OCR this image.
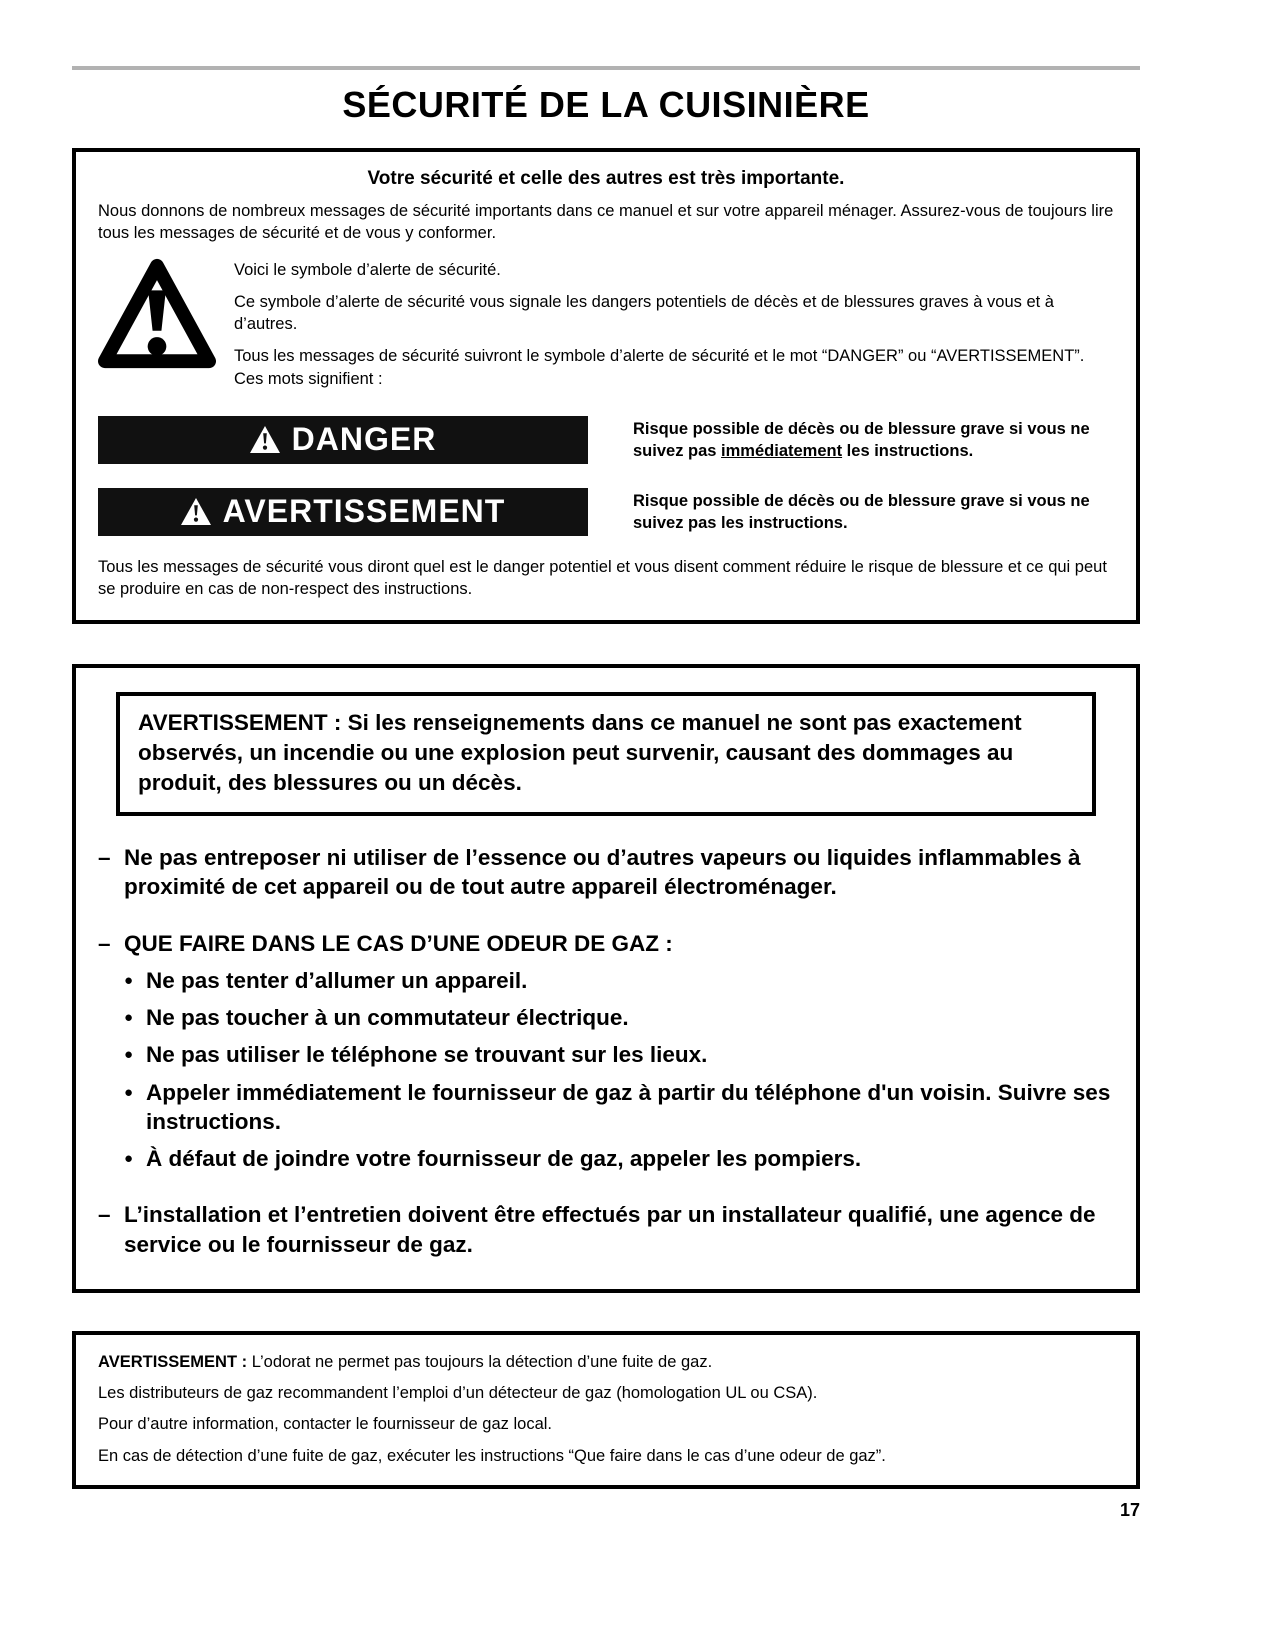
SÉCURITÉ DE LA CUISINIÈRE
Votre sécurité et celle des autres est très importante.

Nous donnons de nombreux messages de sécurité importants dans ce manuel et sur votre appareil ménager. Assurez-vous de toujours lire tous les messages de sécurité et de vous y conformer.

Voici le symbole d’alerte de sécurité.

Ce symbole d’alerte de sécurité vous signale les dangers potentiels de décès et de blessures graves à vous et à d’autres.

Tous les messages de sécurité suivront le symbole d’alerte de sécurité et le mot “DANGER” ou “AVERTISSEMENT”. Ces mots signifient :

DANGER	Risque possible de décès ou de blessure grave si vous ne suivez pas immédiatement les instructions.
AVERTISSEMENT	Risque possible de décès ou de blessure grave si vous ne suivez pas les instructions.

Tous les messages de sécurité vous diront quel est le danger potentiel et vous disent comment réduire le risque de blessure et ce qui peut se produire en cas de non-respect des instructions.

AVERTISSEMENT : Si les renseignements dans ce manuel ne sont pas exactement observés, un incendie ou une explosion peut survenir, causant des dommages au produit, des blessures ou un décès.
– Ne pas entreposer ni utiliser de l’essence ou d’autres vapeurs ou liquides inflammables à proximité de cet appareil ou de tout autre appareil électroménager.
– QUE FAIRE DANS LE CAS D’UNE ODEUR DE GAZ :
● Ne pas tenter d’allumer un appareil.
● Ne pas toucher à un commutateur électrique.
● Ne pas utiliser le téléphone se trouvant sur les lieux.
● Appeler immédiatement le fournisseur de gaz à partir du téléphone d'un voisin. Suivre ses instructions.
● À défaut de joindre votre fournisseur de gaz, appeler les pompiers.
– L’installation et l’entretien doivent être effectués par un installateur qualifié, une agence de service ou le fournisseur de gaz.

AVERTISSEMENT : L’odorat ne permet pas toujours la détection d’une fuite de gaz.

Les distributeurs de gaz recommandent l’emploi d’un détecteur de gaz (homologation UL ou CSA).

Pour d’autre information, contacter le fournisseur de gaz local.

En cas de détection d’une fuite de gaz, exécuter les instructions “Que faire dans le cas d’une odeur de gaz”.

17
